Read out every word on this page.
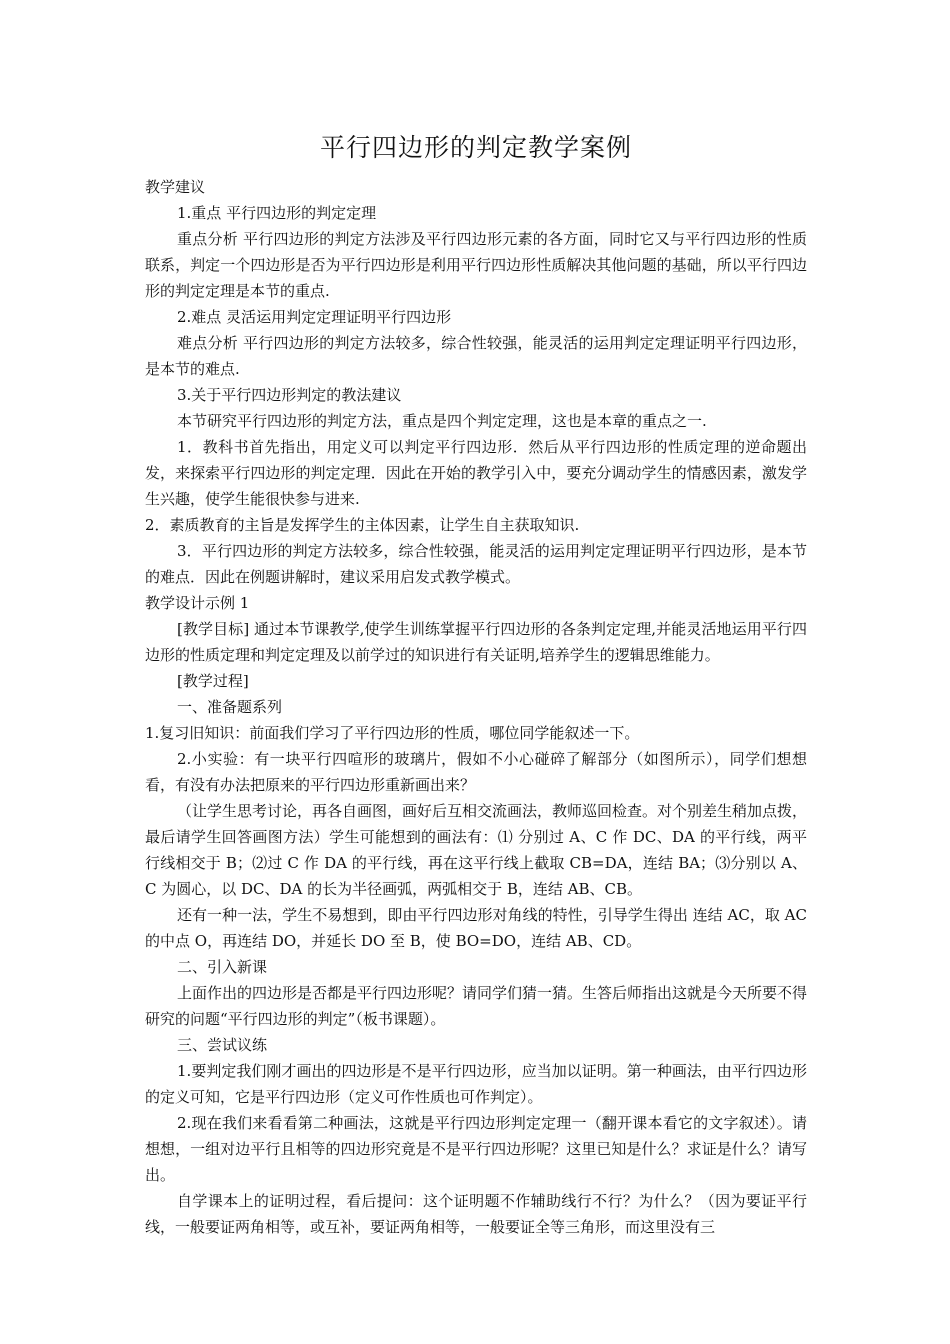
平行四边形的判定教学案例

教学建议

1.重点 平行四边形的判定定理

重点分析 平行四边形的判定方法涉及平行四边形元素的各方面，同时它又与平行四边形的性质联系，判定一个四边形是否为平行四边形是利用平行四边形性质解决其他问题的基础，所以平行四边形的判定定理是本节的重点.

2.难点 灵活运用判定定理证明平行四边形

难点分析 平行四边形的判定方法较多，综合性较强，能灵活的运用判定定理证明平行四边形，是本节的难点.

3.关于平行四边形判定的教法建议

本节研究平行四边形的判定方法，重点是四个判定定理，这也是本章的重点之一.

1．教科书首先指出，用定义可以判定平行四边形．然后从平行四边形的性质定理的逆命题出发，来探索平行四边形的判定定理．因此在开始的教学引入中，要充分调动学生的情感因素，激发学生兴趣，使学生能很快参与进来.

2．素质教育的主旨是发挥学生的主体因素，让学生自主获取知识.

3．平行四边形的判定方法较多，综合性较强，能灵活的运用判定定理证明平行四边形，是本节的难点．因此在例题讲解时，建议采用启发式教学模式。

教学设计示例 1

[教学目标] 通过本节课教学,使学生训练掌握平行四边形的各条判定定理,并能灵活地运用平行四边形的性质定理和判定定理及以前学过的知识进行有关证明,培养学生的逻辑思维能力。

[教学过程]

一、准备题系列

1.复习旧知识：前面我们学习了平行四边形的性质，哪位同学能叙述一下。

2.小实验：有一块平行四喧形的玻璃片，假如不小心碰碎了解部分（如图所示），同学们想想看，有没有办法把原来的平行四边形重新画出来？

（让学生思考讨论，再各自画图，画好后互相交流画法，教师巡回检查。对个别差生稍加点拨，最后请学生回答画图方法）学生可能想到的画法有：⑴ 分别过 A、C 作 DC、DA 的平行线，两平行线相交于 B；⑵过 C 作 DA 的平行线，再在这平行线上截取 CB=DA，连结 BA；⑶分别以 A、C 为圆心，以 DC、DA 的长为半径画弧，两弧相交于 B，连结 AB、CB。

还有一种一法，学生不易想到，即由平行四边形对角线的特性，引导学生得出 连结 AC，取 AC 的中点 O，再连结 DO，并延长 DO 至 B，使 BO=DO，连结 AB、CD。

二、引入新课

上面作出的四边形是否都是平行四边形呢？请同学们猜一猜。生答后师指出这就是今天所要不得 研究的问题“平行四边形的判定”（板书课题）。

三、尝试议练

1.要判定我们刚才画出的四边形是不是平行四边形，应当加以证明。第一种画法，由平行四边形的定义可知，它是平行四边形（定义可作性质也可作判定）。

2.现在我们来看看第二种画法，这就是平行四边形判定定理一（翻开课本看它的文字叙述）。请想想，一组对边平行且相等的四边形究竟是不是平行四边形呢？这里已知是什么？求证是什么？请写出。

自学课本上的证明过程，看后提问：这个证明题不作辅助线行不行？为什么？（因为要证平行线，一般要证两角相等，或互补，要证两角相等，一般要证全等三角形，而这里没有三
